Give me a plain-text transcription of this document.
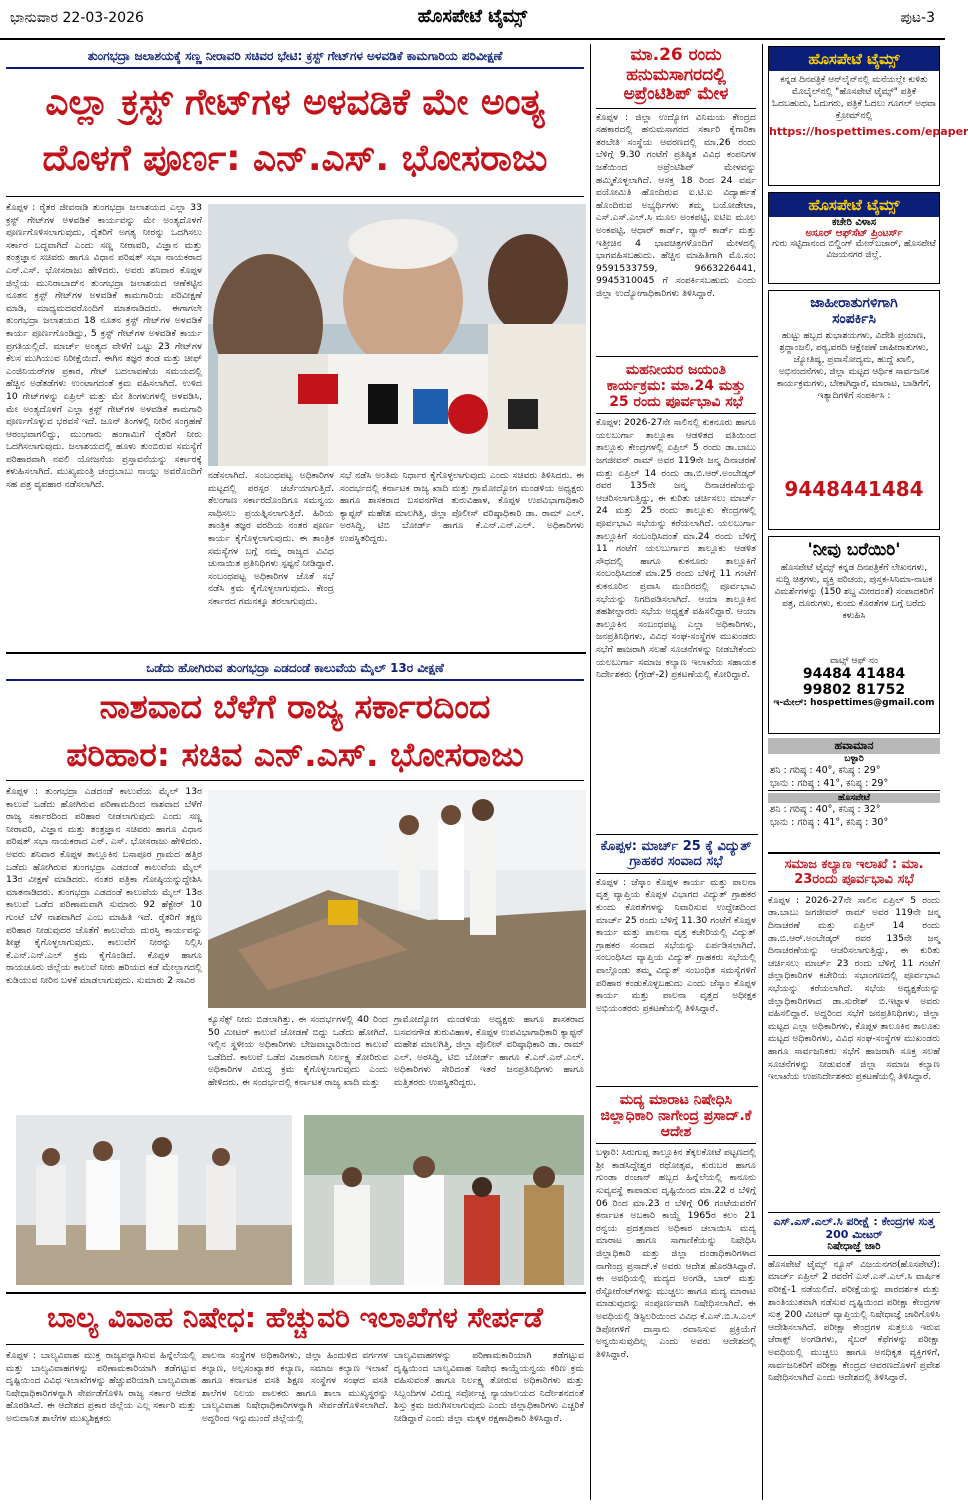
ಭಾನುವಾರ 22-03-2026	ಹೊಸಪೇಟೆ ಟೈಮ್ಸ್	ಪುಟ-3
ತುಂಗಭದ್ರಾ ಜಲಾಶಯಕ್ಕೆ ಸಣ್ಣ ನೀರಾವರಿ ಸಚಿವರ ಭೇಟಿ: ಕ್ರಸ್ಟ್ ಗೇಟ್‌ಗಳ ಅಳವಡಿಕೆ ಕಾಮಗಾರಿಯ ಪರಿವೀಕ್ಷಣೆ
ಎಲ್ಲಾ ಕ್ರಸ್ಟ್ ಗೇಟ್‌ಗಳ ಅಳವಡಿಕೆ ಮೇ ಅಂತ್ಯ
ದೊಳಗೆ ಪೂರ್ಣ: ಎನ್.ಎಸ್. ಭೋಸರಾಜು
ಕೊಪ್ಪಳ : ರೈತರ ಜೀವನಾಡಿ ತುಂಗಭದ್ರಾ ಜಲಾಶಯದ ಎಲ್ಲಾ 33 ಕ್ರಸ್ಟ್ ಗೇಟ್‌ಗಳ ಅಳವಡಿಕೆ ಕಾರ್ಯವನ್ನು ಮೇ ಅಂತ್ಯದೊಳಗೆ ಪೂರ್ಣಗೊಳಿಸಲಾಗುವುದು, ರೈತರಿಗೆ ಅಗತ್ಯ ನೀರನ್ನು ಒದಗಿಸಲು ಸರ್ಕಾರ ಬದ್ಧವಾಗಿದೆ ಎಂದು ಸಣ್ಣ ನೀರಾವರಿ, ವಿಜ್ಞಾನ ಮತ್ತು ತಂತ್ರಜ್ಞಾನ ಸಚಿವರು ಹಾಗೂ ವಿಧಾನ ಪರಿಷತ್ ಸಭಾ ನಾಯಕರಾದ ಎನ್.ಎಸ್. ಭೋಸರಾಜು ಹೇಳಿದರು. ಅವರು ಶನಿವಾರ ಕೊಪ್ಪಳ ಜಿಲ್ಲೆಯ ಮುನಿರಾಬಾದ್‌ನ ತುಂಗಭದ್ರಾ ಜಲಾಶಯದ ಆಣೆಕಟ್ಟಿನ ನೂತನ ಕ್ರಸ್ಟ್ ಗೇಟ್‌ಗಳ ಅಳವಡಿಕೆ ಕಾಮಗಾರಿಯ ಪರಿವೀಕ್ಷಣೆ ಮಾಡಿ, ಮಾಧ್ಯಮದವರೊಂದಿಗೆ ಮಾತನಾಡಿದರು. ಈಗಾಗಲೇ ತುಂಗಭದ್ರಾ ಜಲಾಶಯದ 18 ನೂತನ ಕ್ರಸ್ಟ್ ಗೇಟ್‌ಗಳ ಅಳವಡಿಕೆ ಕಾರ್ಯ ಪೂರ್ಣಗೊಂಡಿದ್ದು, 5 ಕ್ರಸ್ಟ್ ಗೇಟ್‌ಗಳ ಅಳವಡಿಕೆ ಕಾರ್ಯ ಪ್ರಗತಿಯಲ್ಲಿದೆ. ಮಾರ್ಚ್ ಅಂತ್ಯದ ವೇಳೆಗೆ ಒಟ್ಟು 23 ಗೇಟ್‌ಗಳ ಕೆಲಸ ಮುಗಿಯುವ ನಿರೀಕ್ಷೆಯಿದೆ. ಈಗಿನ ತಜ್ಞರ ತಂಡ ಮತ್ತು ಚೀಫ್ ಎಂಜಿನಿಯರ್‌ಗಳ ಪ್ರಕಾರ, ಗೇಟ್ ಬದಲಾವಣೆಯ ಸಮಯದಲ್ಲಿ ಹೆಚ್ಚಿನ ಅಡೆತಡೆಗಳು ಉಂಟಾಗದಂತೆ ಕ್ರಮ ವಹಿಸಲಾಗಿದೆ. ಉಳಿದ 10 ಗೇಟ್‌ಗಳನ್ನು ಏಪ್ರಿಲ್ ಮತ್ತು ಮೇ ತಿಂಗಳುಗಳಲ್ಲಿ ಅಳವಡಿಸಿ, ಮೇ ಅಂತ್ಯದೊಳಗೆ ಎಲ್ಲಾ ಕ್ರಸ್ಟ್ ಗೇಟ್‌ಗಳ ಅಳವಡಿಕೆ ಕಾಮಗಾರಿ ಪೂರ್ಣಗೊಳ್ಳುವ ಭರವಸೆ ಇದೆ. ಜೂನ್ ತಿಂಗಳಲ್ಲಿ ನೀರಿನ ಸಂಗ್ರಹಣೆ ಆರಂಭವಾಗಲಿದ್ದು, ಮುಂಗಾರು ಹಂಗಾಮಿಗೆ ರೈತರಿಗೆ ನೀರು ಒದಗಿಸಲಾಗುವುದು. ಜಲಾಶಯದಲ್ಲಿ ಹೂಳು ತುಂಬಿರುವ ಸಮಸ್ಯೆಗೆ ಪರಿಹಾರವಾಗಿ ನವಲಿ ಯೋಜನೆಯ ಪ್ರಸ್ತಾವನೆಯನ್ನು ಸರ್ಕಾರಕ್ಕೆ ಕಳುಹಿಸಲಾಗಿದೆ. ಮುಖ್ಯಮಂತ್ರಿ ಚಂದ್ರಬಾಬು ನಾಯ್ಡು ಅವರೊಂದಿಗೆ ಸಹ ಪತ್ರ ವ್ಯವಹಾರ ನಡೆಸಲಾಗಿದೆ.
ನಡೆಸಲಾಗಿದೆ. ಸಂಬಂಧಪಟ್ಟ ಅಧಿಕಾರಿಗಳ ಮಟ್ಟದಲ್ಲಿ ಪರಸ್ಪರ ಚರ್ಚೆಯಾಗುತ್ತಿದೆ. ತೆಲಂಗಾಣ ಸರ್ಕಾರದೊಂದಿಗೂ ಸಮನ್ವಯ ಸಾಧಿಸಲು ಪ್ರಯತ್ನಿಸಲಾಗುತ್ತಿದೆ. ಹಿರಿಯ ತಾಂತ್ರಿಕ ತಜ್ಞರ ವರದಿಯ ನಂತರ ಪೂರ್ಣ ಕಾರ್ಯ ಕೈಗೊಳ್ಳಲಾಗುವುದು. ಈ ತಾಂತ್ರಿಕ ಸಮಸ್ಯೆಗಳ ಬಗ್ಗೆ ನಮ್ಮ ರಾಜ್ಯದ ವಿವಿಧ ಚುನಾಯಿತ ಪ್ರತಿನಿಧಿಗಳು ಸ್ಪಷ್ಟನೆ ನೀಡಿದ್ದಾರೆ. ಸಂಬಂಧಪಟ್ಟ ಅಧಿಕಾರಿಗಳ ಜೊತೆ ಸಭೆ ನಡೆಸಿ ಕ್ರಮ ಕೈಗೊಳ್ಳಲಾಗುವುದು. ಕೇಂದ್ರ ಸರ್ಕಾರದ ಗಮನಕ್ಕೂ ತರಲಾಗುವುದು.
ಸಭೆ ನಡೆಸಿ ಅಂತಿಮ ನಿರ್ಧಾರ ಕೈಗೊಳ್ಳಲಾಗುವುದು ಎಂದು ಸಚಿವರು ತಿಳಿಸಿದರು. ಈ ಸಂದರ್ಭದಲ್ಲಿ ಕರ್ನಾಟಕ ರಾಜ್ಯ ಖಾದಿ ಮತ್ತು ಗ್ರಾಮೋದ್ಯೋಗ ಮಂಡಳಿಯ ಅಧ್ಯಕ್ಷರು ಹಾಗೂ ಶಾಸಕರಾದ ಬಸವನಗೌಡ ತುರುವಿಹಾಳ, ಕೊಪ್ಪಳ ಉಪವಿಭಾಗಾಧಿಕಾರಿ ಕ್ಯಾಪ್ಟನ್ ಮಹೇಶ ಮಾಲಗಿತ್ತಿ, ಜಿಲ್ಲಾ ಪೊಲೀಸ್ ವರಿಷ್ಠಾಧಿಕಾರಿ ಡಾ. ರಾಮ್ ಎಲ್. ಅರಸಿದ್ದಿ, ಟಿಬಿ ಬೋರ್ಡ್ ಹಾಗೂ ಕೆ.ಎನ್.ಎನ್.ಎಲ್. ಅಧಿಕಾರಿಗಳು ಉಪಸ್ಥಿತರಿದ್ದರು.
ಒಡೆದು ಹೋಗಿರುವ ತುಂಗಭದ್ರಾ ಎಡದಂಡೆ ಕಾಲುವೆಯ ಮೈಲ್ 13ರ ವೀಕ್ಷಣೆ
ನಾಶವಾದ ಬೆಳೆಗೆ ರಾಜ್ಯ ಸರ್ಕಾರದಿಂದ
ಪರಿಹಾರ: ಸಚಿವ ಎನ್.ಎಸ್. ಭೋಸರಾಜು
ಕೊಪ್ಪಳ : ತುಂಗಭದ್ರಾ ಎಡದಂಡೆ ಕಾಲುವೆಯ ಮೈಲ್ 13ರ ಕಾಲುವೆ ಒಡೆದು ಹೋಗಿರುವ ಪರಿಣಾಮದಿಂದ ನಾಶವಾದ ಬೆಳೆಗೆ ರಾಜ್ಯ ಸರ್ಕಾರದಿಂದ ಪರಿಹಾರ ನೀಡಲಾಗುವುದು ಎಂದು ಸಣ್ಣ ನೀರಾವರಿ, ವಿಜ್ಞಾನ ಮತ್ತು ತಂತ್ರಜ್ಞಾನ ಸಚಿವರು ಹಾಗೂ ವಿಧಾನ ಪರಿಷತ್ ಸಭಾ ನಾಯಕರಾದ ಎನ್. ಎಸ್. ಭೋಸರಾಜು ಹೇಳಿದರು. ಅವರು ಶನಿವಾರ ಕೊಪ್ಪಳ ತಾಲ್ಲೂಕಿನ ಬಸಾಪೂರ ಗ್ರಾಮದ ಹತ್ತಿರ ಒಡೆದು ಹೋಗಿರುವ ತುಂಗಭದ್ರಾ ಎಡದಂಡೆ ಕಾಲುವೆಯ ಮೈಲ್ 13ರ ವೀಕ್ಷಣೆ ಮಾಡಿದರು. ನಂತರ ಪತ್ರಿಕಾ ಗೋಷ್ಠಿಯನ್ನುದ್ದೇಶಿಸಿ ಮಾತನಾಡಿದರು. ತುಂಗಭದ್ರಾ ಎಡದಂಡೆ ಕಾಲುವೆಯ ಮೈಲ್ 13ರ ಕಾಲುವೆ ಒಡೆದ ಪರಿಣಾಮವಾಗಿ ಸುಮಾರು 92 ಹೆಕ್ಟೇರ್ 10 ಗುಂಟೆ ಬೆಳೆ ನಾಶವಾಗಿದೆ ಎಂಬ ಮಾಹಿತಿ ಇದೆ. ರೈತರಿಗೆ ತಕ್ಷಣ ಪರಿಹಾರ ನೀಡುವುದರ ಜೊತೆಗೆ ಕಾಲುವೆಯ ದುರಸ್ತಿ ಕಾರ್ಯವನ್ನು ಶೀಘ್ರ ಕೈಗೊಳ್ಳಲಾಗುವುದು. ಕಾಲುವೆಗೆ ನೀರನ್ನು ನಿಲ್ಲಿಸಿ ಕೆ.ಎನ್.ಎನ್.ಎಲ್ ಕ್ರಮ ಕೈಗೊಂಡಿದೆ. ಕೊಪ್ಪಳ ಹಾಗೂ ರಾಯಚೂರು ಜಿಲ್ಲೆಯ ಕಾಲುವೆ ನೀರು ಹರಿಯದ ಕಡೆ ಮೇಲ್ಭಾಗದಲ್ಲಿ ಕುಡಿಯುವ ನೀರಿನ ಬಳಕೆ ಮಾಡಲಾಗುವುದು. ಸುಮಾರು 2 ಸಾವಿರ
ಕ್ಯೂಸೆಕ್ಸ್ ನೀರು ಬಿಡಲಾಗಿತ್ತು. ಈ ಸಂದರ್ಭಗಳಲ್ಲಿ 40 ರಿಂದ 50 ಮೀಟರ್ ಕಾಲುವೆ ಜೋಡಣೆ ಬಿದ್ದು ಒಡೆದು ಹೋಗಿದೆ. ಇಲ್ಲಿನ ಸ್ಥಳೀಯ ಅಧಿಕಾರಿಗಳು ಬೇಜವಾಬ್ದಾರಿಯಿಂದ ಕಾಲುವೆ ಒಡೆದಿದೆ. ಕಾಲುವೆ ಒಡೆದ ವಿಚಾರವಾಗಿ ನಿರ್ಲಕ್ಷ್ಯ ತೋರಿರುವ ಅಧಿಕಾರಿಗಳ ವಿರುದ್ಧ ಕ್ರಮ ಕೈಗೊಳ್ಳಲಾಗುವುದು ಎಂದು ಹೇಳಿದರು. ಈ ಸಂದರ್ಭದಲ್ಲಿ ಕರ್ನಾಟಕ ರಾಜ್ಯ ಖಾದಿ ಮತ್ತು
ಗ್ರಾಮೋದ್ಯೋಗ ಮಂಡಳಿಯ ಅಧ್ಯಕ್ಷರು ಹಾಗೂ ಶಾಸಕರಾದ ಬಸವನಗೌಡ ತುರುವಿಹಾಳ, ಕೊಪ್ಪಳ ಉಪವಿಭಾಗಾಧಿಕಾರಿ ಕ್ಯಾಪ್ಟನ್ ಮಹೇಶ ಮಾಲಗಿತ್ತಿ, ಜಿಲ್ಲಾ ಪೊಲೀಸ್ ವರಿಷ್ಠಾಧಿಕಾರಿ ಡಾ. ರಾಮ್ ಎಲ್. ಅರಸಿದ್ದಿ, ಟಿಬಿ ಬೋರ್ಡ್ ಹಾಗೂ ಕೆ.ಎನ್.ಎನ್.ಎಲ್. ಅಧಿಕಾರಿಗಳು ಸೇರಿದಂತೆ ಇತರೆ ಜನಪ್ರತಿನಿಧಿಗಳು ಹಾಗೂ ಮತ್ತಿತರರು ಉಪಸ್ಥಿತರಿದ್ದರು.
ಬಾಲ್ಯ ವಿವಾಹ ನಿಷೇಧ: ಹೆಚ್ಚುವರಿ ಇಲಾಖೆಗಳ ಸೇರ್ಪಡೆ
ಕೊಪ್ಪಳ : ಬಾಲ್ಯವಿವಾಹ ಮುಕ್ತ ರಾಜ್ಯವನ್ನಾಗಿಸುವ ಹಿನ್ನೆಲೆಯಲ್ಲಿ ಮತ್ತು ಬಾಲ್ಯವಿವಾಹಗಳನ್ನು ಪರಿಣಾಮಕಾರಿಯಾಗಿ ತಡೆಗಟ್ಟುವ ದೃಷ್ಟಿಯಿಂದ ವಿವಿಧ ಇಲಾಖೆಗಳನ್ನು ಹೆಚ್ಚುವರಿಯಾಗಿ ಬಾಲ್ಯವಿವಾಹ ನಿಷೇಧಾಧಿಕಾರಿಗಳನ್ನಾಗಿ ಸೇರ್ಪಡೆಗೊಳಿಸಿ ರಾಜ್ಯ ಸರ್ಕಾರ ಆದೇಶ ಹೊರಡಿಸಿದೆ. ಈ ಆದೇಶದ ಪ್ರಕಾರ ಜಿಲ್ಲೆಯ ಎಲ್ಲ ಸರ್ಕಾರಿ ಮತ್ತು ಅನುದಾನಿತ ಶಾಲೆಗಳ ಮುಖ್ಯಶಿಕ್ಷಕರು
ಪಾಲನಾ ಸಂಸ್ಥೆಗಳ ಅಧಿಕಾರಿಗಳು, ಜಿಲ್ಲಾ ಹಿಂದುಳಿದ ವರ್ಗಗಳ ಕಲ್ಯಾಣ, ಅಲ್ಪಸಂಖ್ಯಾತರ ಕಲ್ಯಾಣ, ಸಮಾಜ ಕಲ್ಯಾಣ ಇಲಾಖೆ ಹಾಗೂ ಕರ್ನಾಟಕ ವಸತಿ ಶಿಕ್ಷಣ ಸಂಸ್ಥೆಗಳ ಸಂಘದ ವಸತಿ ಶಾಲೆಗಳ ನಿಲಯ ಪಾಲಕರು ಹಾಗೂ ಶಾಲಾ ಮುಖ್ಯಸ್ಥರನ್ನು ಬಾಲ್ಯವಿವಾಹ ನಿಷೇಧಾಧಿಕಾರಿಗಳನ್ನಾಗಿ ಸೇರ್ಪಡೆಗೊಳಿಸಲಾಗಿದೆ. ಅದ್ದರಿಂದ ಇನ್ನುಮುಂದೆ ಜಿಲ್ಲೆಯಲ್ಲಿ
ಬಾಲ್ಯವಿವಾಹಗಳನ್ನು ಪರಿಣಾಮಕಾರಿಯಾಗಿ ತಡೆಗಟ್ಟುವ ದೃಷ್ಟಿಯಿಂದ ಬಾಲ್ಯವಿವಾಹ ನಿಷೇಧ ಕಾಯ್ದೆಯನ್ವಯ ಕಠಿಣ ಕ್ರಮ ವಹಿಸುವಂತೆ ಹಾಗೂ ನಿರ್ಲಕ್ಷ್ಯ ತೋರುವ ಅಧಿಕಾರಿಗಳು ಮತ್ತು ಸಿಬ್ಬಂದಿಗಳ ವಿರುದ್ಧ ಸರ್ವೋಚ್ಚ ನ್ಯಾಯಾಲಯದ ನಿರ್ದೇಶನದಂತೆ ಶಿಸ್ತು ಕ್ರಮ ಜರುಗಿಸಲಾಗುವುದು ಎಂದು ಜಿಲ್ಲಾಧಿಕಾರಿಗಳು ಎಚ್ಚರಿಕೆ ನೀಡಿದ್ದಾರೆ ಎಂದು ಜಿಲ್ಲಾ ಮಕ್ಕಳ ರಕ್ಷಣಾಧಿಕಾರಿ ತಿಳಿಸಿದ್ದಾರೆ.
ಮಾ.26 ರಂದು ಹನುಮಸಾಗರದಲ್ಲಿ ಅಪ್ರೆಂಟಿಶಿಪ್ ಮೇಳ
ಕೊಪ್ಪಳ : ಜಿಲ್ಲಾ ಉದ್ಯೋಗ ವಿನಿಮಯ ಕೇಂದ್ರದ ಸಹಕಾರದಲ್ಲಿ ಹನುಮಸಾಗರದ ಸರ್ಕಾರಿ ಕೈಗಾರಿಕಾ ತರಬೇತಿ ಸಂಸ್ಥೆಯ ಆವರಣದಲ್ಲಿ ಮಾ.26 ರಂದು ಬೆಳಿಗ್ಗೆ 9.30 ಗಂಟೆಗೆ ಪ್ರತಿಷ್ಠಿತ ವಿವಿಧ ಕಂಪನಿಗಳ ಜತೆಯಿಂದ ಅಪ್ರೆಂಟಿಶಿಪ್ ಮೇಳವನ್ನು ಹಮ್ಮಿಕೊಳ್ಳಲಾಗಿದೆ. ಆಸಕ್ತ 18 ರಿಂದ 24 ವರ್ಷ ವಯೋಮಿತಿ ಹೊಂದಿರುವ ಐ.ಟಿ.ಐ ವಿದ್ಯಾರ್ಹತೆ ಹೊಂದಿರುವ ಅಭ್ಯರ್ಥಿಗಳು ತಮ್ಮ ಬಯೋಡೇಟಾ, ಎಸ್.ಎಸ್.ಎಲ್.ಸಿ ಮೂಲ ಅಂಕಪಟ್ಟಿ, ಐಟಿಐ ಮೂಲ ಅಂಕಪಟ್ಟಿ, ಆಧಾರ್ ಕಾರ್ಡ್, ಪ್ಯಾನ್ ಕಾರ್ಡ್ ಮತ್ತು ಇತ್ತೀಚಿನ 4 ಭಾವಚಿತ್ರಗಳೊಂದಿಗೆ ಮೇಳದಲ್ಲಿ ಭಾಗವಹಿಸಬಹುದು. ಹೆಚ್ಚಿನ ಮಾಹಿತಿಗಾಗಿ ಮೊ.ಸಂ: 9591533759, 9663226441, 9945310045 ಗೆ ಸಂಪರ್ಕಿಸಬಹುದು ಎಂದು ಜಿಲ್ಲಾ ಉದ್ಯೋಗಾಧಿಕಾರಿಗಳು ತಿಳಿಸಿದ್ದಾರೆ.
ಮಹನೀಯರ ಜಯಂತಿ ಕಾರ್ಯಕ್ರಮ: ಮಾ.24 ಮತ್ತು 25 ರಂದು ಪೂರ್ವಭಾವಿ ಸಭೆ
ಕೊಪ್ಪಳ: 2026-27ನೇ ಸಾಲಿನಲ್ಲಿ ಕುಕನೂರು ಹಾಗೂ ಯಲಬುರ್ಗಾ ತಾಲ್ಲೂಕಾ ಆಡಳಿತದ ವತಿಯಿಂದ ತಾಲ್ಲೂಕು ಕೇಂದ್ರಗಳಲ್ಲಿ ಏಪ್ರಿಲ್ 5 ರಂದು ಡಾ.ಬಾಬು ಜಗಜೀವನ್ ರಾಮ್ ಅವರ 119ನೇ ಜನ್ಮ ದಿನಾಚರಣೆ ಮತ್ತು ಏಪ್ರಿಲ್ 14 ರಂದು ಡಾ.ಬಿ.ಆರ್.ಅಂಬೇಡ್ಕರ್ ರವರ 135ನೇ ಜನ್ಮ ದಿನಾಚರಣೆಯನ್ನು ಆಚರಿಸಲಾಗುತ್ತಿದ್ದು, ಈ ಕುರಿತು ಚರ್ಚಿಸಲು ಮಾರ್ಚ್ 24 ಮತ್ತು 25 ರಂದು ತಾಲ್ಲೂಕು ಕೇಂದ್ರಗಳಲ್ಲಿ ಪೂರ್ವಭಾವಿ ಸಭೆಯನ್ನು ಕರೆಯಲಾಗಿದೆ. ಯಲಬುರ್ಗಾ ತಾಲ್ಲೂಕಿಗೆ ಸಂಬಂಧಿಸಿದಂತೆ ಮಾ.24 ರಂದು ಬೆಳಿಗ್ಗೆ 11 ಗಂಟೆಗೆ ಯಲಬುರ್ಗಾದ ತಾಲ್ಲೂಕು ಆಡಳಿತ ಸೌಧದಲ್ಲಿ ಹಾಗೂ ಕುಕನೂರು ತಾಲ್ಲೂಕಿಗೆ ಸಂಬಂಧಿಸಿದಂತೆ ಮಾ.25 ರಂದು ಬೆಳಿಗ್ಗೆ 11 ಗಂಟೆಗೆ ಕುಕನೂರಿನ ಪ್ರವಾಸಿ ಮಂದಿರದಲ್ಲಿ ಪೂರ್ವಭಾವಿ ಸಭೆಯನ್ನು ನಿಗದಿಪಡಿಸಲಾಗಿದೆ. ಆಯಾ ತಾಲ್ಲೂಕಿನ ತಹಶೀಲ್ದಾರರು ಸಭೆಯ ಅಧ್ಯಕ್ಷತೆ ವಹಿಸಲಿದ್ದಾರೆ. ಆಯಾ ತಾಲ್ಲೂಕಿನ ಸಂಬಂಧಪಟ್ಟ ಎಲ್ಲಾ ಅಧಿಕಾರಿಗಳು, ಜನಪ್ರತಿನಿಧಿಗಳು, ವಿವಿಧ ಸಂಘ-ಸಂಸ್ಥೆಗಳ ಮುಖಂಡರು ಸಭೆಗೆ ಹಾಜರಾಗಿ ಸಲಹೆ ಸೂಚನೆಗಳನ್ನು ನೀಡಬೇಕೆಂದು ಯಲಬುರ್ಗಾ ಸಮಾಜ ಕಲ್ಯಾಣ ಇಲಾಖೆಯ ಸಹಾಯಕ ನಿರ್ದೇಶಕರು (ಗ್ರೇಡ್-2) ಪ್ರಕಟಣೆಯಲ್ಲಿ ಕೋರಿದ್ದಾರೆ.
ಕೊಪ್ಪಳ: ಮಾರ್ಚ್ 25 ಕ್ಕೆ ವಿದ್ಯುತ್ ಗ್ರಾಹಕರ ಸಂವಾದ ಸಭೆ
ಕೊಪ್ಪಳ : ಜೆಸ್ಕಾಂ ಕೊಪ್ಪಳ ಕಾರ್ಯ ಮತ್ತು ಪಾಲನಾ ವೃತ್ತ ವ್ಯಾಪ್ತಿಯ ಕೊಪ್ಪಳ ವಿಭಾಗದ ವಿದ್ಯುತ್ ಗ್ರಾಹಕರ ಕುಂದು ಕೊರತೆಗಳನ್ನು ನಿವಾರಿಸುವ ಉದ್ದೇಶದಿಂದ ಮಾರ್ಚ್ 25 ರಂದು ಬೆಳಿಗ್ಗೆ 11.30 ಗಂಟೆಗೆ ಕೊಪ್ಪಳ ಕಾರ್ಯ ಮತ್ತು ಪಾಲನಾ ವೃತ್ತ ಕಚೇರಿಯಲ್ಲಿ ವಿದ್ಯುತ್ ಗ್ರಾಹಕರ ಸಂವಾದ ಸಭೆಯನ್ನು ಏರ್ಪಡಿಸಲಾಗಿದೆ. ಸಂಬಂಧಿಸಿದ ವ್ಯಾಪ್ತಿಯ ವಿದ್ಯುತ್ ಗ್ರಾಹಕರು ಸಭೆಯಲ್ಲಿ ಪಾಲ್ಗೊಂಡು ತಮ್ಮ ವಿದ್ಯುತ್ ಸಂಬಂಧಿತ ಸಮಸ್ಯೆಗಳಿಗೆ ಪರಿಹಾರ ಕಂಡುಕೊಳ್ಳಬಹುದು ಎಂದು ಜೆಸ್ಕಾಂ ಕೊಪ್ಪಳ ಕಾರ್ಯ ಮತ್ತು ಪಾಲನಾ ವೃತ್ತದ ಅಧೀಕ್ಷಕ ಅಭಿಯಂತರರು ಪ್ರಕಟಣೆಯಲ್ಲಿ ತಿಳಿಸಿದ್ದಾರೆ.
ಮದ್ಯ ಮಾರಾಟ ನಿಷೇಧಿಸಿ ಜಿಲ್ಲಾಧಿಕಾರಿ ನಾಗೇಂದ್ರ ಪ್ರಸಾದ್.ಕೆ ಆದೇಶ
ಬಳ್ಳಾರಿ: ಸಿರುಗುಪ್ಪ ತಾಲ್ಲೂಕಿನ ತೆಕ್ಕಲಕೋಟೆ ಪಟ್ಟಣದಲ್ಲಿ ಶ್ರೀ ಕಾಡಸಿದ್ದೇಶ್ವರ ರಥೋತ್ಸವ, ಕುರುಬರ ಹಾಗೂ ಗುಂಡಾ ರಂಜಾನ್ ಹಬ್ಬದ ಹಿನ್ನೆಲೆಯಲ್ಲಿ ಕಾನೂನು ಸುವ್ಯವಸ್ಥೆ ಕಾಪಾಡುವ ದೃಷ್ಟಿಯಿಂದ ಮಾ.22 ರ ಬೆಳಿಗ್ಗೆ 06 ರಿಂದ ಮಾ.23 ರ ಬೆಳಿಗ್ಗೆ 06 ಗಂಟೆಯವರೆಗೆ ಕರ್ನಾಟಕ ಅಬಕಾರಿ ಕಾಯ್ದೆ 1965ರ ಕಲಂ 21 ರನ್ವಯ ಪ್ರದತ್ತವಾದ ಅಧಿಕಾರ ಚಲಾಯಿಸಿ ಮದ್ಯ ಮಾರಾಟ ಹಾಗೂ ಸಾಗಾಣಿಕೆಯನ್ನು ನಿಷೇಧಿಸಿ ಜಿಲ್ಲಾಧಿಕಾರಿ ಮತ್ತು ಜಿಲ್ಲಾ ದಂಡಾಧಿಕಾರಿಗಳಾದ ನಾಗೇಂದ್ರ ಪ್ರಸಾದ್.ಕೆ ಅವರು ಆದೇಶ ಹೊರಡಿಸಿದ್ದಾರೆ. ಈ ಅವಧಿಯಲ್ಲಿ ಮದ್ಯದ ಅಂಗಡಿ, ಬಾರ್ ಮತ್ತು ರೆಸ್ಟೋರೆಂಟ್‌ಗಳನ್ನು ಮುಚ್ಚಲು ಹಾಗೂ ಮದ್ಯ ಮಾರಾಟ ಮಾಡುವುದನ್ನು ಸಂಪೂರ್ಣವಾಗಿ ನಿಷೇಧಿಸಲಾಗಿದೆ. ಈ ಅವಧಿಯಲ್ಲಿ ಡಿಸ್ಟಿಲರಿಯಿಂದ ವಿವಿಧ ಕೆ.ಎಸ್.ಬಿ.ಸಿ.ಎಲ್ ಡಿಪೋಗಳಿಗೆ ದಾಸ್ತಾನು ರವಾನಿಸುವ ಪ್ರಕ್ರಿಯೆಗೆ ಅನ್ವಯಿಸುವುದಿಲ್ಲ ಎಂದು ಅವರು ಆದೇಶದಲ್ಲಿ ತಿಳಿಸಿದ್ದಾರೆ.
ಹೊಸಪೇಟೆ ಟೈಮ್ಸ್
ಕನ್ನಡ ದಿನಪತ್ರಿಕೆ ಆನ್‌ಲೈನ್‌ನಲ್ಲಿ ಮನೆಯಲ್ಲೇ ಕುಳಿತು ಮೊಬೈಲ್‌ನಲ್ಲಿ "ಹೊಸಪೇಟೆ ಟೈಮ್ಸ್" ಪತ್ರಿಕೆ ಓದಬಹುದು, ಓದುಗರು, ಪತ್ರಿಕೆ ಓದಲು ಗೂಗಲ್ ಅಥವಾ ಕ್ರೋಮ್‌ನಲ್ಲಿ
https://hospettimes.com/epaper
ಹೊಸಪೇಟೆ ಟೈಮ್ಸ್
ಕಚೇರಿ ವಿಳಾಸ
ಅಸೂರ್ ಆಫ್‌ಸೆಟ್ ಪ್ರಿಂಟರ್ಸ್
ಗುರು ಸಟ್ಟಿದಾನಂದ ಬಿಲ್ಡಿಂಗ್ ಮೇನ್‌ಬಜಾರ್, ಹೊಸಪೇಟೆ ವಿಜಯನಗರ ಜಿಲ್ಲೆ.
ಜಾಹೀರಾತುಗಳಿಗಾಗಿ
ಸಂಪರ್ಕಿಸಿ
ಹುಟ್ಟು ಹಬ್ಬದ ಶುಭಾಶಯಗಳು, ವಿದೇಶಿ ಪ್ರಯಾಣ, ಶ್ರದ್ಧಾಂಜಲಿ, ಪಠ್ಯ,ವರದಿ ಆಕ್ಷೇಪಣೆ ಜಾಹೀರಾತುಗಳು, ಜ್ಯೋತಿಷ್ಯ, ಪ್ರವಾಸೋದ್ಯಮ, ಹುದ್ದೆ ಖಾಲಿ, ಅಭಿನಂದನೆಗಳು, ಜಿಲ್ಲಾ ಮಟ್ಟದ ಆರ್ಥಿಕ ಸಾರ್ವಜನಿಕ ಕಾರ್ಯಕ್ರಮಗಳು, ಬೇಕಾಗಿದ್ದಾರೆ, ಮಾರಾಟ, ಬಾಡಿಗೆಗೆ, ಇತ್ಯಾದಿಗಳಿಗೆ ಸಂಪರ್ಕಿಸಿ :
9448441484
'ನೀವು ಬರೆಯಿರಿ'
ಹೊಸಪೇಟೆ ಟೈಮ್ಸ್ ಕನ್ನಡ ದಿನಪತ್ರಿಕೆಗೆ ಲೇಖನಗಳು, ಸುದ್ದಿ ಚಿತ್ರಗಳು, ವ್ಯಕ್ತಿ ಪರಿಚಯ, ಪುಸ್ತಕ-ಸಿನಿಮಾ-ನಾಟಕ ವಿಮರ್ಶೆಗಳನ್ನು (150 ಶಬ್ದ ಮೀರದಂತೆ) ಸಂಪಾದಕರಿಗೆ ಪತ್ರ, ದೂರುಗಳು, ಕುಂದು ಕೊರತೆಗಳ ಬಗ್ಗೆ ಬರೆದು ಕಳುಹಿಸಿ
ವಾಟ್ಸ್ ಆಫ್ ನಂ
94484 41484
99802 81752
ಇ-ಮೇಲ್: hospettimes@gmail.com
ಹವಾಮಾನ
ಬಳ್ಳಾರಿ
ಶನಿ : ಗರಿಷ್ಠ : 40°, ಕನಿಷ್ಠ : 29°
ಭಾನು : ಗರಿಷ್ಠ : 41°, ಕನಿಷ್ಠ : 29°
ಹೊಸಪೇಟೆ
ಶನಿ : ಗರಿಷ್ಠ : 40°, ಕನಿಷ್ಠ : 32°
ಭಾನು : ಗರಿಷ್ಠ : 41°, ಕನಿಷ್ಠ : 30°
ಸಮಾಜ ಕಲ್ಯಾಣ ಇಲಾಖೆ : ಮಾ. 23ರಂದು ಪೂರ್ವಭಾವಿ ಸಭೆ
ಕೊಪ್ಪಳ : 2026-27ನೇ ಸಾಲಿನ ಏಪ್ರಿಲ್ 5 ರಂದು ಡಾ.ಬಾಬು ಜಗಜೀವನ್ ರಾಮ್ ಅವರ 119ನೇ ಜನ್ಮ ದಿನಾಚರಣೆ ಮತ್ತು ಏಪ್ರಿಲ್ 14 ರಂದು ಡಾ.ಬಿ.ಆರ್.ಅಂಬೇಡ್ಕರ್ ರವರ 135ನೇ ಜನ್ಮ ದಿನಾಚರಣೆಯನ್ನು ಆಚರಿಸಲಾಗುತ್ತಿದ್ದು, ಈ ಕುರಿತು ಚರ್ಚಿಸಲು ಮಾರ್ಚ್ 23 ರಂದು ಬೆಳಿಗ್ಗೆ 11 ಗಂಟೆಗೆ ಜಿಲ್ಲಾಧಿಕಾರಿಗಳ ಕಚೇರಿಯ ಸಭಾಂಗಣದಲ್ಲಿ ಪೂರ್ವಭಾವಿ ಸಭೆಯನ್ನು ಕರೆಯಲಾಗಿದೆ. ಸಭೆಯ ಅಧ್ಯಕ್ಷತೆಯನ್ನು ಜಿಲ್ಲಾಧಿಕಾರಿಗಳಾದ ಡಾ.ಸುರೇಶ್ ಬಿ.ಇಟ್ನಾಳ ಅವರು ವಹಿಸಲಿದ್ದಾರೆ. ಅದ್ದರಿಂದ ಸಭೆಗೆ ಜನಪ್ರತಿನಿಧಿಗಳು, ಜಿಲ್ಲಾ ಮಟ್ಟದ ಎಲ್ಲಾ ಅಧಿಕಾರಿಗಳು, ಕೊಪ್ಪಳ ತಾಲೂಕಿನ ತಾಲೂಕು ಮಟ್ಟದ ಅಧಿಕಾರಿಗಳು, ವಿವಿಧ ಸಂಘ-ಸಂಸ್ಥೆಗಳ ಮುಖಂಡರು ಹಾಗೂ ಸಾರ್ವಜನಿಕರು ಸಭೆಗೆ ಹಾಜರಾಗಿ ಸೂಕ್ತ ಸಲಹೆ ಸೂಚನೆಗಳನ್ನು ನೀಡುವಂತೆ ಜಿಲ್ಲಾ ಸಮಾಜ ಕಲ್ಯಾಣ ಇಲಾಖೆಯ ಉಪನಿರ್ದೇಶಕರು ಪ್ರಕಟಣೆಯಲ್ಲಿ ತಿಳಿಸಿದ್ದಾರೆ.
ಎಸ್.ಎಸ್.ಎಲ್.ಸಿ ಪರೀಕ್ಷೆ : ಕೇಂದ್ರಗಳ ಸುತ್ತ 200 ಮೀಟರ್
ನಿಷೇಧಾಜ್ಞೆ ಜಾರಿ
ಹೊಸಪೇಟೆ ಟೈಮ್ಸ್ ನ್ಯೂಸ್ ವಿಜಯನಗರ(ಹೊಸಪೇಟೆ): ಮಾರ್ಚ್ ಏಪ್ರಿಲ್ 2 ರವರೆಗೆ ಎಸ್.ಎಸ್.ಎಲ್.ಸಿ ವಾರ್ಷಿಕ ಪರೀಕ್ಷೆ-1 ನಡೆಯಲಿದೆ. ಪರೀಕ್ಷೆಯನ್ನು ಪಾರದರ್ಶಕ ಮತ್ತು ಶಾಂತಿಯುತವಾಗಿ ನಡೆಸುವ ದೃಷ್ಟಿಯಿಂದ ಪರೀಕ್ಷಾ ಕೇಂದ್ರಗಳ ಸುತ್ತ 200 ಮೀಟರ್ ವ್ಯಾಪ್ತಿಯಲ್ಲಿ ನಿಷೇಧಾಜ್ಞೆ ಜಾರಿಗೊಳಿಸಿ ಆದೇಶಿಸಲಾಗಿದೆ. ಪರೀಕ್ಷಾ ಕೇಂದ್ರಗಳ ಸುತ್ತಲೂ ಇರುವ ಜೆರಾಕ್ಸ್ ಅಂಗಡಿಗಳು, ಸೈಬರ್ ಕೆಫೆಗಳನ್ನು ಪರೀಕ್ಷಾ ಅವಧಿಯಲ್ಲಿ ಮುಚ್ಚಲು ಹಾಗೂ ಅನಧಿಕೃತ ವ್ಯಕ್ತಿಗಳಿಗೆ, ಸಾರ್ವಜನಿಕರಿಗೆ ಪರೀಕ್ಷಾ ಕೇಂದ್ರದ ಆವರಣದೊಳಗೆ ಪ್ರವೇಶ ನಿಷೇಧಿಸಲಾಗಿದೆ ಎಂದು ಆದೇಶದಲ್ಲಿ ತಿಳಿಸಿದ್ದಾರೆ.
